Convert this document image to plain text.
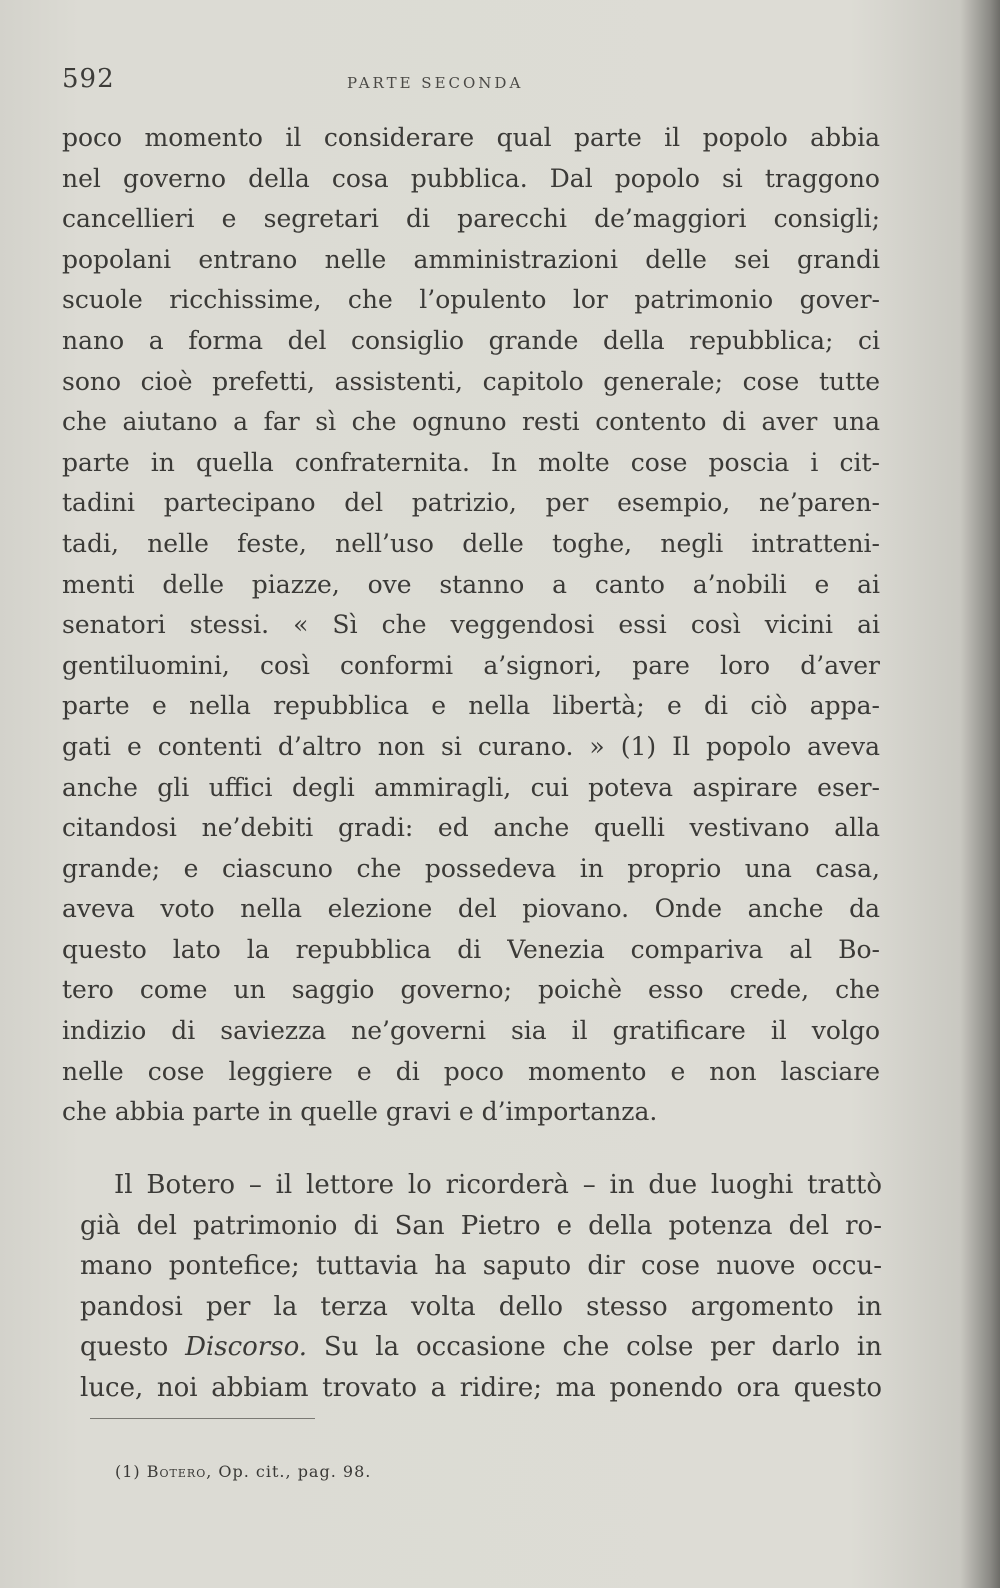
592	PARTE SECONDA
poco momento il considerare qual parte il popolo abbia
nel governo della cosa pubblica. Dal popolo si traggono
cancellieri e segretari di parecchi de’maggiori consigli;
popolani entrano nelle amministrazioni delle sei grandi
scuole ricchissime, che l’opulento lor patrimonio gover-
nano a forma del consiglio grande della repubblica; ci
sono cioè prefetti, assistenti, capitolo generale; cose tutte
che aiutano a far sì che ognuno resti contento di aver una
parte in quella confraternita. In molte cose poscia i cit-
tadini partecipano del patrizio, per esempio, ne’paren-
tadi, nelle feste, nell’uso delle toghe, negli intratteni-
menti delle piazze, ove stanno a canto a’nobili e ai
senatori stessi. « Sì che veggendosi essi così vicini ai
gentiluomini, così conformi a’signori, pare loro d’aver
parte e nella repubblica e nella libertà; e di ciò appa-
gati e contenti d’altro non si curano. » (1) Il popolo aveva
anche gli uffici degli ammiragli, cui poteva aspirare eser-
citandosi ne’debiti gradi: ed anche quelli vestivano alla
grande; e ciascuno che possedeva in proprio una casa,
aveva voto nella elezione del piovano. Onde anche da
questo lato la repubblica di Venezia compariva al Bo-
tero come un saggio governo; poichè esso crede, che
indizio di saviezza ne’governi sia il gratificare il volgo
nelle cose leggiere e di poco momento e non lasciare
che abbia parte in quelle gravi e d’importanza.
Il Botero – il lettore lo ricorderà – in due luoghi trattò
già del patrimonio di San Pietro e della potenza del ro-
mano pontefice; tuttavia ha saputo dir cose nuove occu-
pandosi per la terza volta dello stesso argomento in
questo Discorso. Su la occasione che colse per darlo in
luce, noi abbiam trovato a ridire; ma ponendo ora questo
(1) Botero, Op. cit., pag. 98.
